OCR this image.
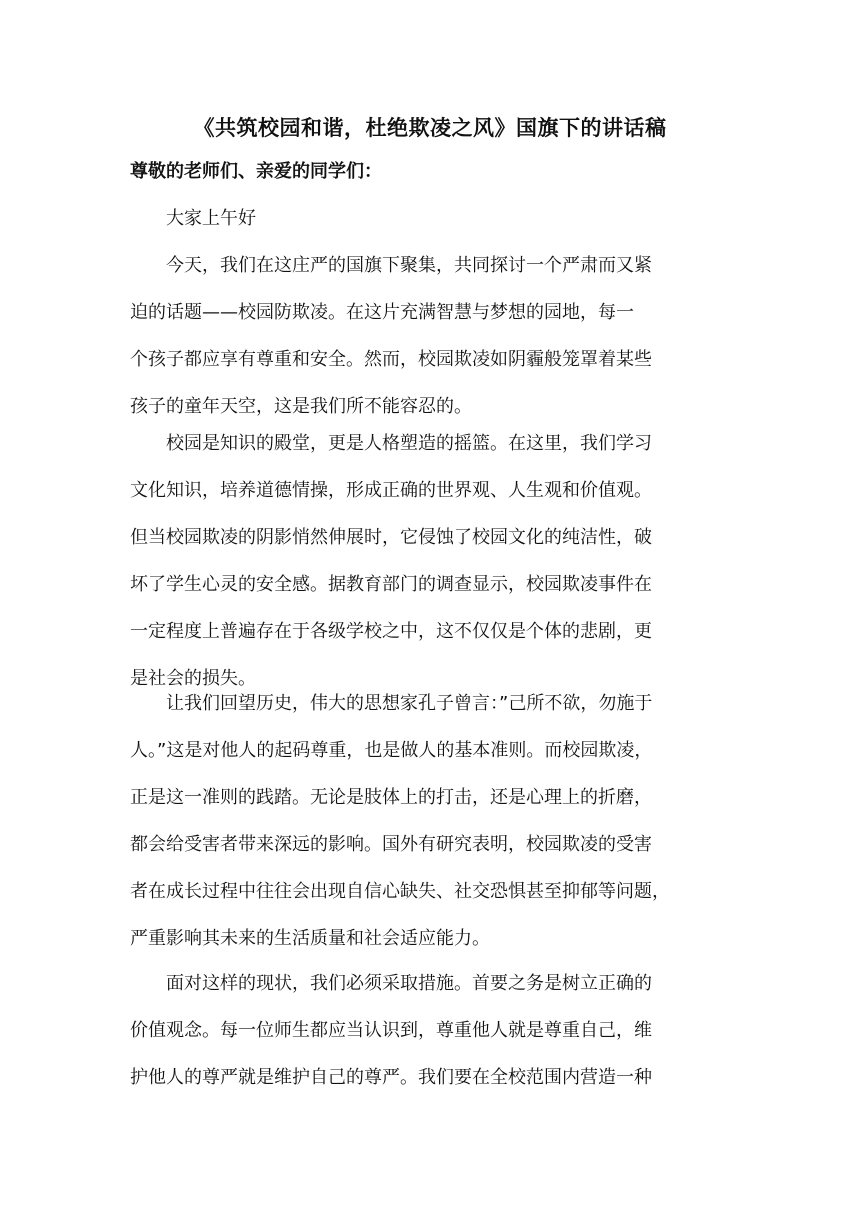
《共筑校园和谐，杜绝欺凌之风》国旗下的讲话稿
尊敬的老师们、亲爱的同学们：
大家上午好
今天，我们在这庄严的国旗下聚集，共同探讨一个严肃而又紧
迫的话题——校园防欺凌。在这片充满智慧与梦想的园地，每一
个孩子都应享有尊重和安全。然而，校园欺凌如阴霾般笼罩着某些
孩子的童年天空，这是我们所不能容忍的。
校园是知识的殿堂，更是人格塑造的摇篮。在这里，我们学习
文化知识，培养道德情操，形成正确的世界观、人生观和价值观。
但当校园欺凌的阴影悄然伸展时，它侵蚀了校园文化的纯洁性，破
坏了学生心灵的安全感。据教育部门的调查显示，校园欺凌事件在
一定程度上普遍存在于各级学校之中，这不仅仅是个体的悲剧，更
是社会的损失。
让我们回望历史，伟大的思想家孔子曾言：”己所不欲，勿施于
人。”这是对他人的起码尊重，也是做人的基本准则。而校园欺凌，
正是这一准则的践踏。无论是肢体上的打击，还是心理上的折磨，
都会给受害者带来深远的影响。国外有研究表明，校园欺凌的受害
者在成长过程中往往会出现自信心缺失、社交恐惧甚至抑郁等问题，
严重影响其未来的生活质量和社会适应能力。
面对这样的现状，我们必须采取措施。首要之务是树立正确的
价值观念。每一位师生都应当认识到，尊重他人就是尊重自己，维
护他人的尊严就是维护自己的尊严。我们要在全校范围内营造一种
